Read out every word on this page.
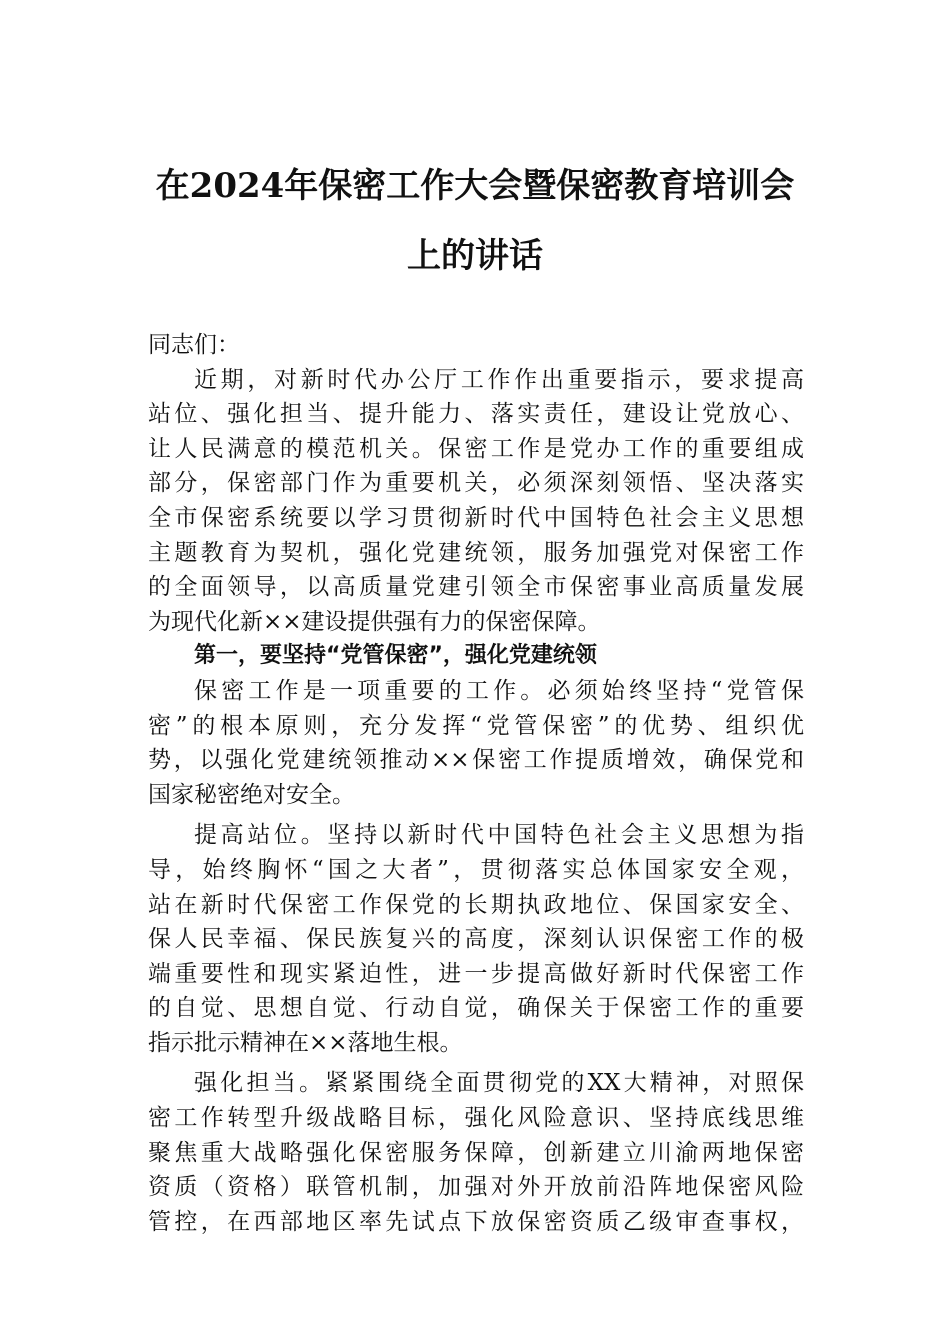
在2024年保密工作大会暨保密教育培训会
上的讲话
同志们：
近期，对新时代办公厅工作作出重要指示，要求提高
站位、强化担当、提升能力、落实责任，建设让党放心、
让人民满意的模范机关。保密工作是党办工作的重要组成
部分，保密部门作为重要机关，必须深刻领悟、坚决落实
全市保密系统要以学习贯彻新时代中国特色社会主义思想
主题教育为契机，强化党建统领，服务加强党对保密工作
的全面领导，以高质量党建引领全市保密事业高质量发展
为现代化新××建设提供强有力的保密保障。
第一，要坚持“党管保密”，强化党建统领
保密工作是一项重要的工作。必须始终坚持“党管保
密”的根本原则，充分发挥“党管保密”的优势、组织优
势，以强化党建统领推动××保密工作提质增效，确保党和
国家秘密绝对安全。
提高站位。坚持以新时代中国特色社会主义思想为指
导，始终胸怀“国之大者”，贯彻落实总体国家安全观，
站在新时代保密工作保党的长期执政地位、保国家安全、
保人民幸福、保民族复兴的高度，深刻认识保密工作的极
端重要性和现实紧迫性，进一步提高做好新时代保密工作
的自觉、思想自觉、行动自觉，确保关于保密工作的重要
指示批示精神在××落地生根。
强化担当。紧紧围绕全面贯彻党的XX大精神，对照保
密工作转型升级战略目标，强化风险意识、坚持底线思维
聚焦重大战略强化保密服务保障，创新建立川渝两地保密
资质（资格）联管机制，加强对外开放前沿阵地保密风险
管控，在西部地区率先试点下放保密资质乙级审查事权，
